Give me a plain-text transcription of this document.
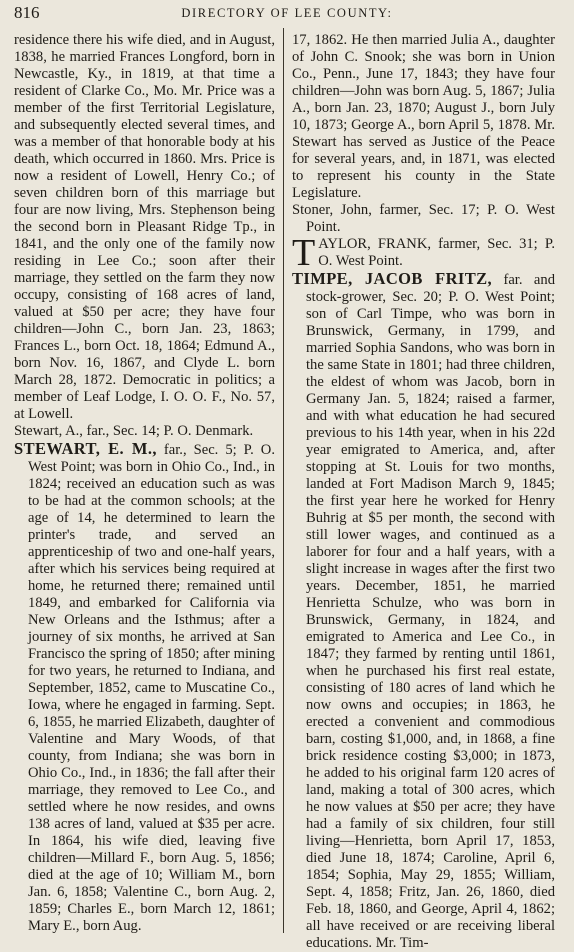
816	DIRECTORY OF LEE COUNTY:

residence there his wife died, and in August, 1838, he married Frances Longford, born in Newcastle, Ky., in 1819, at that time a resident of Clarke Co., Mo. Mr. Price was a member of the first Territorial Legislature, and subsequently elected several times, and was a member of that honorable body at his death, which occurred in 1860. Mrs. Price is now a resident of Lowell, Henry Co.; of seven children born of this marriage but four are now living, Mrs. Stephenson being the second born in Pleasant Ridge Tp., in 1841, and the only one of the family now residing in Lee Co.; soon after their marriage, they settled on the farm they now occupy, consisting of 168 acres of land, valued at $50 per acre; they have four children—John C., born Jan. 23, 1863; Frances L., born Oct. 18, 1864; Edmund A., born Nov. 16, 1867, and Clyde L. born March 28, 1872. Democratic in politics; a member of Leaf Lodge, I. O. O. F., No. 57, at Lowell.

Stewart, A., far., Sec. 14; P. O. Denmark.

STEWART, E. M., far., Sec. 5; P. O. West Point; was born in Ohio Co., Ind., in 1824; received an education such as was to be had at the common schools; at the age of 14, he determined to learn the printer's trade, and served an apprenticeship of two and one-half years, after which his services being required at home, he returned there; remained until 1849, and embarked for California via New Orleans and the Isthmus; after a journey of six months, he arrived at San Francisco the spring of 1850; after mining for two years, he returned to Indiana, and September, 1852, came to Muscatine Co., Iowa, where he engaged in farming. Sept. 6, 1855, he married Elizabeth, daughter of Valentine and Mary Woods, of that county, from Indiana; she was born in Ohio Co., Ind., in 1836; the fall after their marriage, they removed to Lee Co., and settled where he now resides, and owns 138 acres of land, valued at $35 per acre. In 1864, his wife died, leaving five children—Millard F., born Aug. 5, 1856; died at the age of 10; William M., born Jan. 6, 1858; Valentine C., born Aug. 2, 1859; Charles E., born March 12, 1861; Mary E., born Aug.

17, 1862. He then married Julia A., daughter of John C. Snook; she was born in Union Co., Penn., June 17, 1843; they have four children—John was born Aug. 5, 1867; Julia A., born Jan. 23, 1870; August J., born July 10, 1873; George A., born April 5, 1878. Mr. Stewart has served as Justice of the Peace for several years, and, in 1871, was elected to represent his county in the State Legislature.

Stoner, John, farmer, Sec. 17; P. O. West Point.

TAYLOR, FRANK, farmer, Sec. 31; P. O. West Point.

TIMPE, JACOB FRITZ, far. and stock-grower, Sec. 20; P. O. West Point; son of Carl Timpe, who was born in Brunswick, Germany, in 1799, and married Sophia Sandons, who was born in the same State in 1801; had three children, the eldest of whom was Jacob, born in Germany Jan. 5, 1824; raised a farmer, and with what education he had secured previous to his 14th year, when in his 22d year emigrated to America, and, after stopping at St. Louis for two months, landed at Fort Madison March 9, 1845; the first year here he worked for Henry Buhrig at $5 per month, the second with still lower wages, and continued as a laborer for four and a half years, with a slight increase in wages after the first two years. December, 1851, he married Henrietta Schulze, who was born in Brunswick, Germany, in 1824, and emigrated to America and Lee Co., in 1847; they farmed by renting until 1861, when he purchased his first real estate, consisting of 180 acres of land which he now owns and occupies; in 1863, he erected a convenient and commodious barn, costing $1,000, and, in 1868, a fine brick residence costing $3,000; in 1873, he added to his original farm 120 acres of land, making a total of 300 acres, which he now values at $50 per acre; they have had a family of six children, four still living—Henrietta, born April 17, 1853, died June 18, 1874; Caroline, April 6, 1854; Sophia, May 29, 1855; William, Sept. 4, 1858; Fritz, Jan. 26, 1860, died Feb. 18, 1860, and George, April 4, 1862; all have received or are receiving liberal educations. Mr. Tim-
